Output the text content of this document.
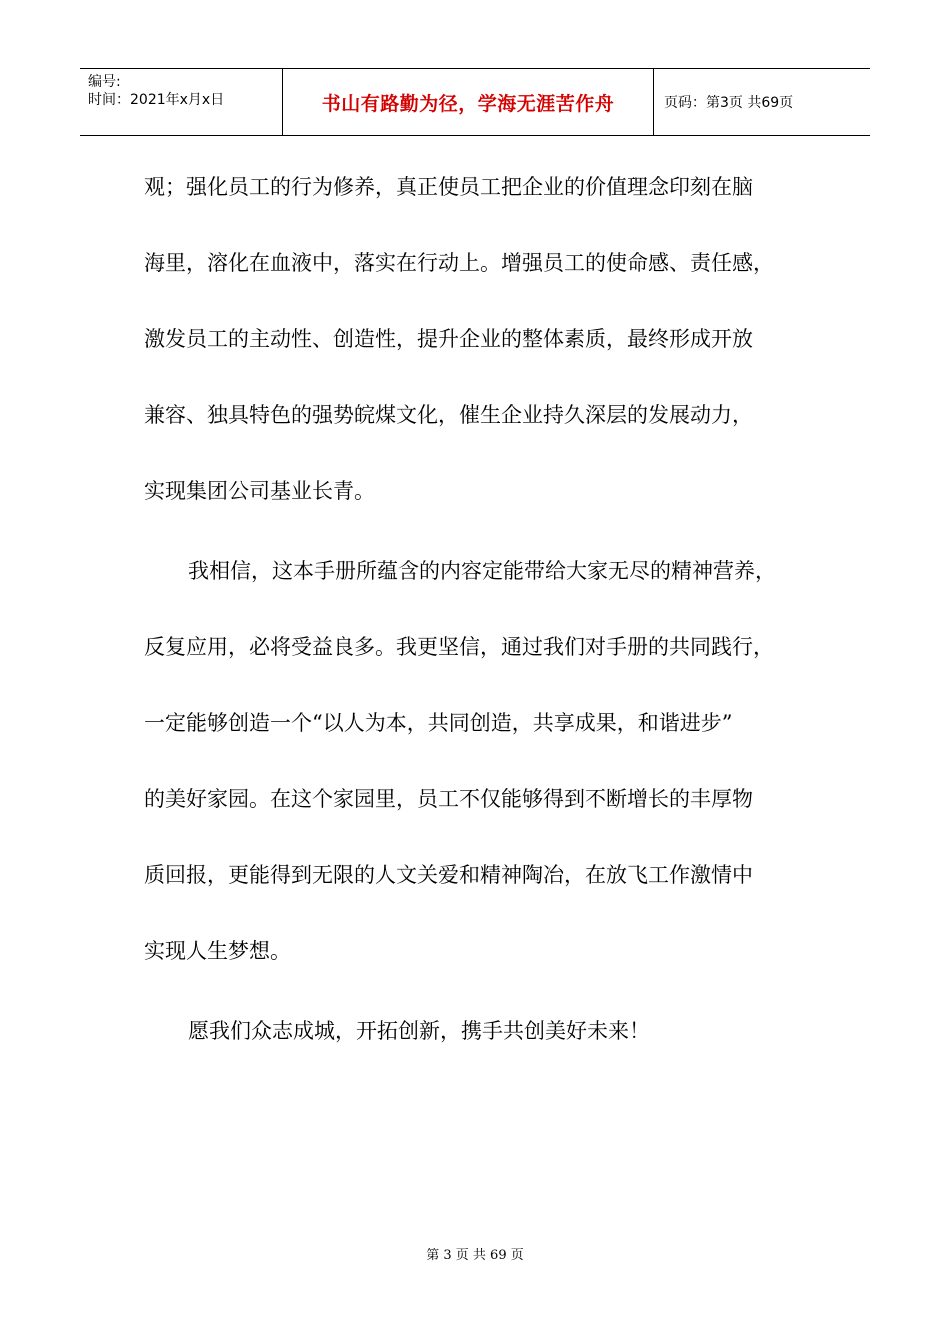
编号:
时间：2021年x月x日	书山有路勤为径，学海无涯苦作舟	页码：第3页 共69页
观；强化员工的行为修养，真正使员工把企业的价值理念印刻在脑
海里，溶化在血液中，落实在行动上。增强员工的使命感、责任感，
激发员工的主动性、创造性，提升企业的整体素质，最终形成开放
兼容、独具特色的强势皖煤文化，催生企业持久深层的发展动力，
实现集团公司基业长青。
我相信，这本手册所蕴含的内容定能带给大家无尽的精神营养，
反复应用，必将受益良多。我更坚信，通过我们对手册的共同践行，
一定能够创造一个“以人为本，共同创造，共享成果，和谐进步”
的美好家园。在这个家园里，员工不仅能够得到不断增长的丰厚物
质回报，更能得到无限的人文关爱和精神陶冶，在放飞工作激情中
实现人生梦想。
愿我们众志成城，开拓创新，携手共创美好未来！
第 3 页 共 69 页
